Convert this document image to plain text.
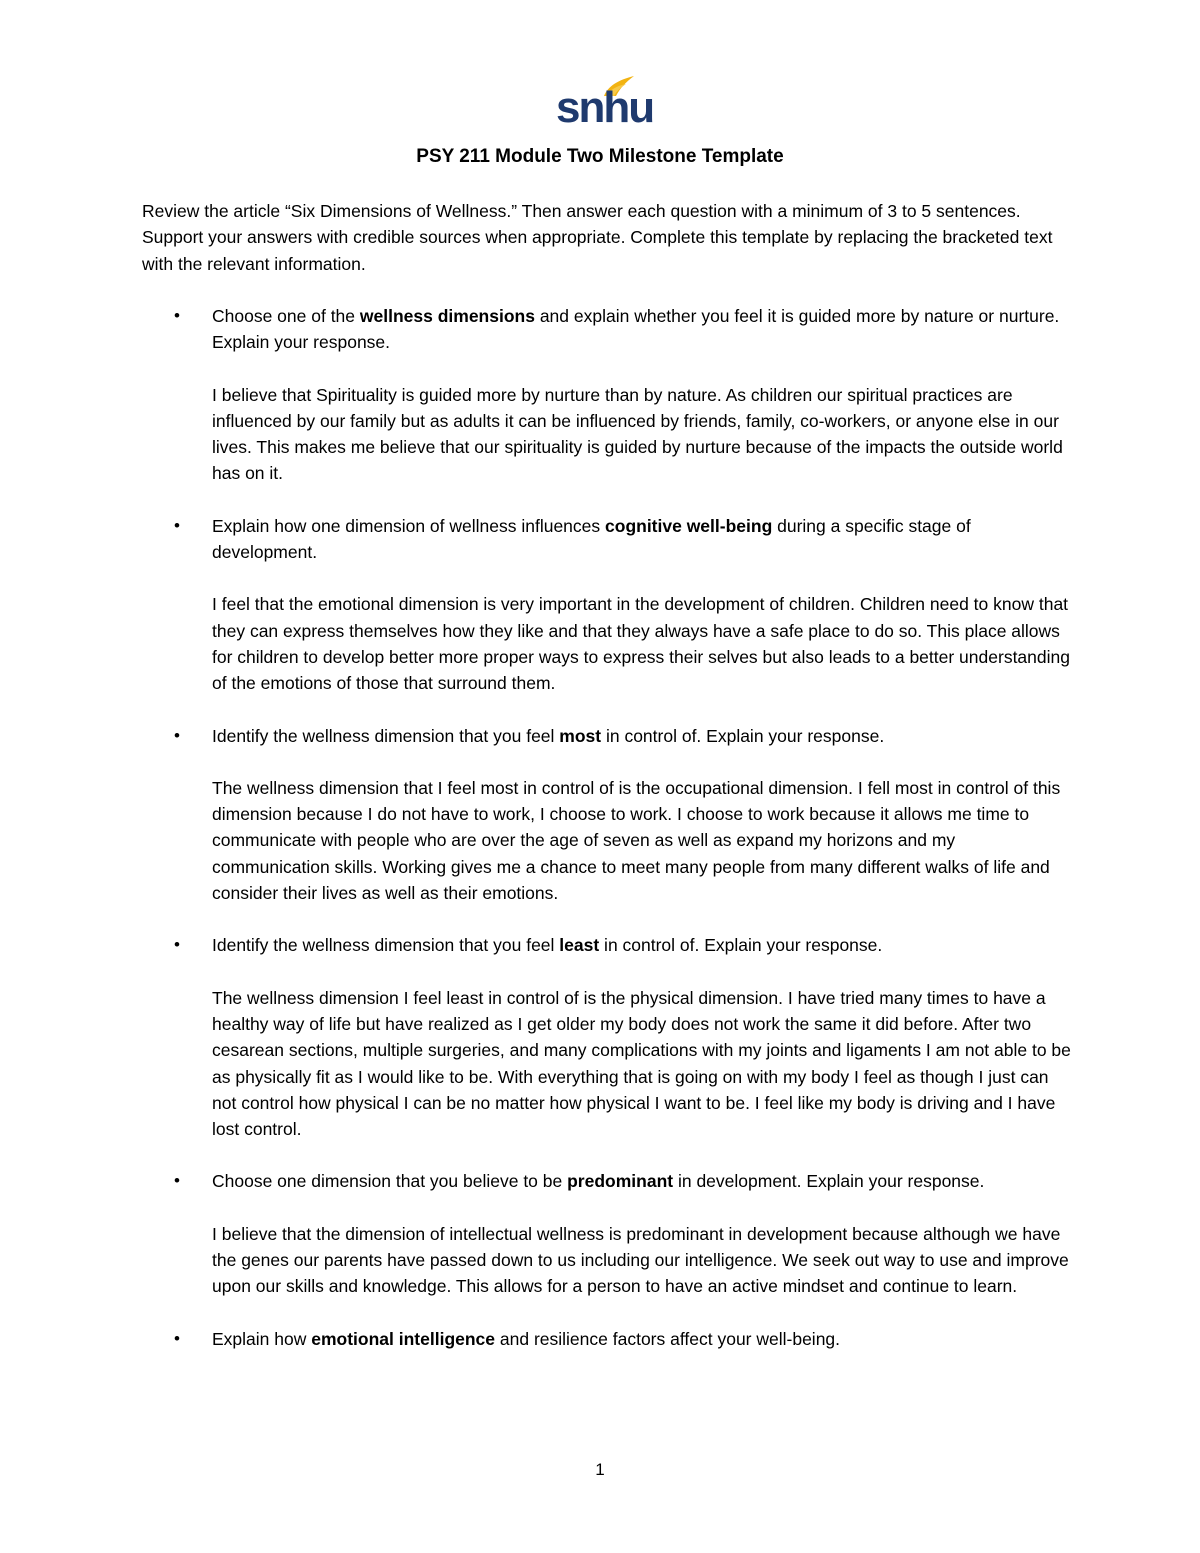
snhu
PSY 211 Module Two Milestone Template

Review the article “Six Dimensions of Wellness.” Then answer each question with a minimum of 3 to 5 sentences. Support your answers with credible sources when appropriate. Complete this template by replacing the bracketed text with the relevant information.

• Choose one of the wellness dimensions and explain whether you feel it is guided more by nature or nurture. Explain your response.

I believe that Spirituality is guided more by nurture than by nature. As children our spiritual practices are influenced by our family but as adults it can be influenced by friends, family, co-workers, or anyone else in our lives. This makes me believe that our spirituality is guided by nurture because of the impacts the outside world has on it.

• Explain how one dimension of wellness influences cognitive well-being during a specific stage of development.

I feel that the emotional dimension is very important in the development of children. Children need to know that they can express themselves how they like and that they always have a safe place to do so. This place allows for children to develop better more proper ways to express their selves but also leads to a better understanding of the emotions of those that surround them.

• Identify the wellness dimension that you feel most in control of. Explain your response.

The wellness dimension that I feel most in control of is the occupational dimension. I fell most in control of this dimension because I do not have to work, I choose to work. I choose to work because it allows me time to communicate with people who are over the age of seven as well as expand my horizons and my communication skills. Working gives me a chance to meet many people from many different walks of life and consider their lives as well as their emotions.

• Identify the wellness dimension that you feel least in control of. Explain your response.

The wellness dimension I feel least in control of is the physical dimension. I have tried many times to have a healthy way of life but have realized as I get older my body does not work the same it did before. After two cesarean sections, multiple surgeries, and many complications with my joints and ligaments I am not able to be as physically fit as I would like to be. With everything that is going on with my body I feel as though I just can not control how physical I can be no matter how physical I want to be. I feel like my body is driving and I have lost control.

• Choose one dimension that you believe to be predominant in development. Explain your response.

I believe that the dimension of intellectual wellness is predominant in development because although we have the genes our parents have passed down to us including our intelligence. We seek out way to use and improve upon our skills and knowledge. This allows for a person to have an active mindset and continue to learn.

• Explain how emotional intelligence and resilience factors affect your well-being.

1
